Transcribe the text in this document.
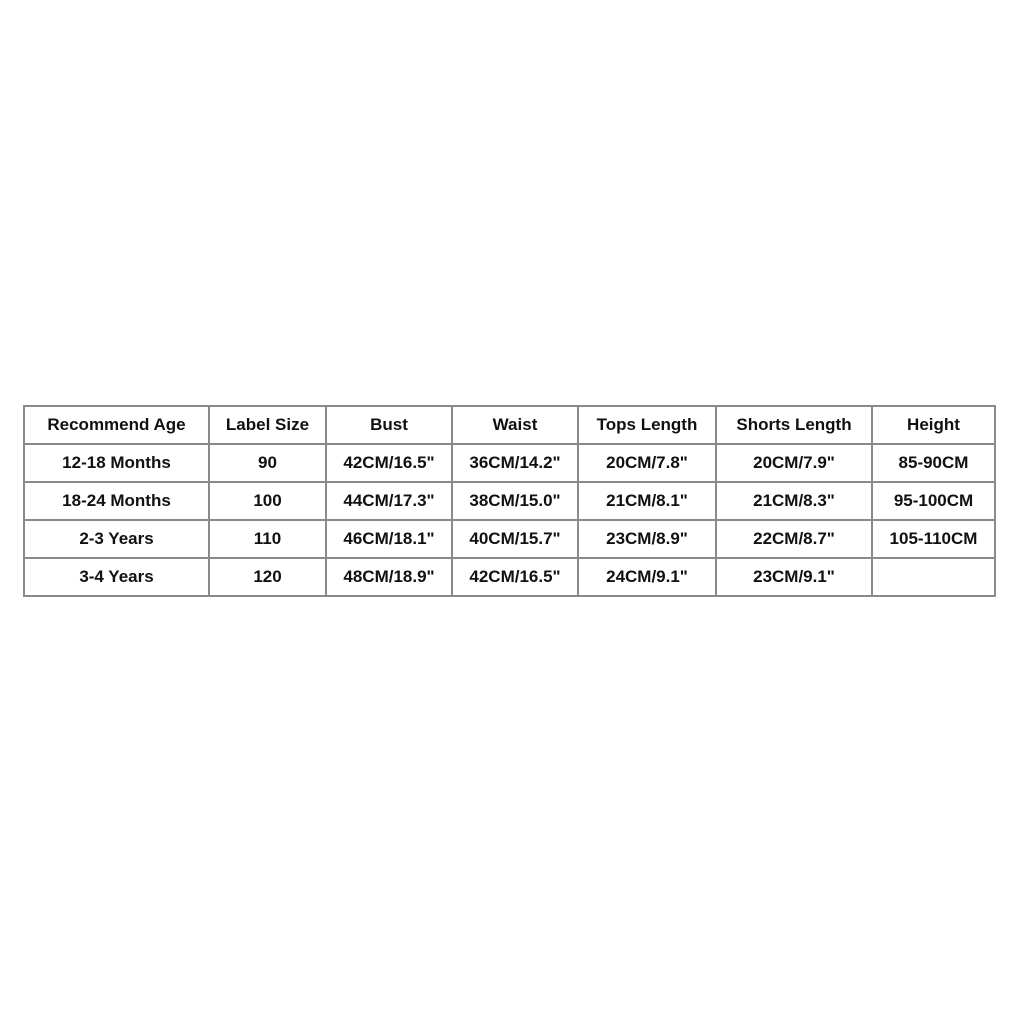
Recommend Age	Label Size	Bust	Waist	Tops Length	Shorts Length	Height
12-18 Months	90	42CM/16.5"	36CM/14.2"	20CM/7.8"	20CM/7.9"	85-90CM
18-24 Months	100	44CM/17.3"	38CM/15.0"	21CM/8.1"	21CM/8.3"	95-100CM
2-3 Years	110	46CM/18.1"	40CM/15.7"	23CM/8.9"	22CM/8.7"	105-110CM
3-4 Years	120	48CM/18.9"	42CM/16.5"	24CM/9.1"	23CM/9.1"	
